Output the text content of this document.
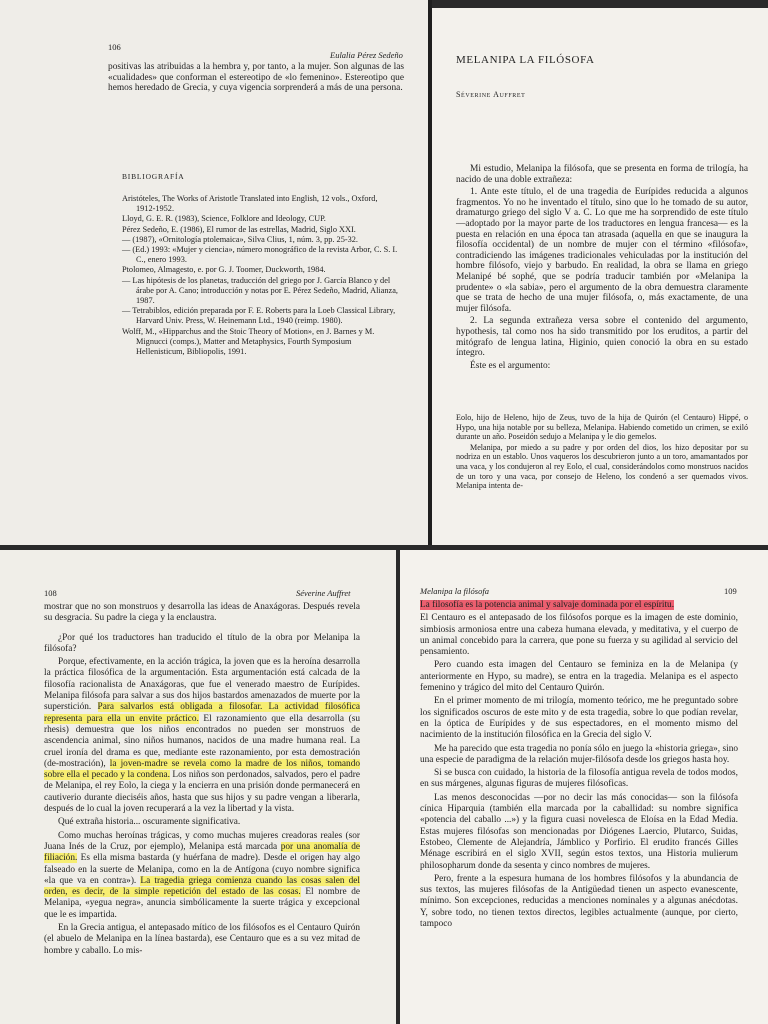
106
Eulalia Pérez Sedeño
positivas las atribuidas a la hembra y, por tanto, a la mujer. Son algunas de las «cualidades» que conforman el estereotipo de «lo femenino». Estereotipo que hemos heredado de Grecia, y cuya vigencia sorprenderá a más de una persona.
BIBLIOGRAFÍA
Aristóteles, The Works of Aristotle Translated into English, 12 vols., Oxford, 1912-1952.
Lloyd, G. E. R. (1983), Science, Folklore and Ideology, CUP.
Pérez Sedeño, E. (1986), El rumor de las estrellas, Madrid, Siglo XXI.
— (1987), «Ornitología ptolemaica», Silva Clius, 1, núm. 3, pp. 25-32.
— (Ed.) 1993: «Mujer y ciencia», número monográfico de la revista Arbor, C. S. I. C., enero 1993.
Ptolomeo, Almagesto, e. por G. J. Toomer, Duckworth, 1984.
— Las hipótesis de los planetas, traducción del griego por J. García Blanco y del árabe por A. Cano; introducción y notas por E. Pérez Sedeño, Madrid, Alianza, 1987.
— Tetrabiblos, edición preparada por F. E. Roberts para la Loeb Classical Library, Harvard Univ. Press, W. Heinemann Ltd., 1940 (reimp. 1980).
Wolff, M., «Hipparchus and the Stoic Theory of Motion», en J. Barnes y M. Mignucci (comps.), Matter and Metaphysics, Fourth Symposium Hellenisticum, Bibliopolis, 1991.
MELANIPA LA FILÓSOFA
Séverine Auffret

Mi estudio, Melanipa la filósofa, que se presenta en forma de trilogía, ha nacido de una doble extrañeza:

1. Ante este título, el de una tragedia de Eurípides reducida a algunos fragmentos. Yo no he inventado el título, sino que lo he tomado de su autor, dramaturgo griego del siglo V a. C. Lo que me ha sorprendido de este título —adoptado por la mayor parte de los traductores en lengua francesa— es la puesta en relación en una época tan atrasada (aquella en que se inaugura la filosofía occidental) de un nombre de mujer con el término «filósofa», contradiciendo las imágenes tradicionales vehiculadas por la institución del hombre filósofo, viejo y barbudo. En realidad, la obra se llama en griego Melanipé bé sophé, que se podría traducir también por «Melanipa la prudente» o «la sabia», pero el argumento de la obra demuestra claramente que se trata de hecho de una mujer filósofa, o, más exactamente, de una mujer filósofa.

2. La segunda extrañeza versa sobre el contenido del argumento, hypothesis, tal como nos ha sido transmitido por los eruditos, a partir del mitógrafo de lengua latina, Higinio, quien conoció la obra en su estado íntegro.

Éste es el argumento:

Eolo, hijo de Heleno, hijo de Zeus, tuvo de la hija de Quirón (el Centauro) Hippé, o Hypo, una hija notable por su belleza, Melanipa. Habiendo cometido un crimen, se exiló durante un año. Poseidón sedujo a Melanipa y le dio gemelos.

Melanipa, por miedo a su padre y por orden del dios, los hizo depositar por su nodriza en un establo. Unos vaqueros los descubrieron junto a un toro, amamantados por una vaca, y los condujeron al rey Eolo, el cual, considerándolos como monstruos nacidos de un toro y una vaca, por consejo de Heleno, los condenó a ser quemados vivos. Melanipa intenta de-

108	Séverine Auffret

mostrar que no son monstruos y desarrolla las ideas de Anaxágoras. Después revela su desgracia. Su padre la ciega y la enclaustra.

¿Por qué los traductores han traducido el título de la obra por Melanipa la filósofa?

Porque, efectivamente, en la acción trágica, la joven que es la heroína desarrolla la práctica filosófica de la argumentación. Esta argumentación está calcada de la filosofía racionalista de Anaxágoras, que fue el venerado maestro de Eurípides. Melanipa filósofa para salvar a sus dos hijos bastardos amenazados de muerte por la superstición. Para salvarlos está obligada a filosofar. La actividad filosófica representa para ella un envite práctico. El razonamiento que ella desarrolla (su rhesis) demuestra que los niños encontrados no pueden ser monstruos de ascendencia animal, sino niños humanos, nacidos de una madre humana real. La cruel ironía del drama es que, mediante este razonamiento, por esta demostración (de-mostración), la joven-madre se revela como la madre de los niños, tomando sobre ella el pecado y la condena. Los niños son perdonados, salvados, pero el padre de Melanipa, el rey Eolo, la ciega y la encierra en una prisión donde permanecerá en cautiverio durante dieciséis años, hasta que sus hijos y su padre vengan a liberarla, después de lo cual la joven recuperará a la vez la libertad y la vista.

Qué extraña historia... oscuramente significativa.

Como muchas heroínas trágicas, y como muchas mujeres creadoras reales (sor Juana Inés de la Cruz, por ejemplo), Melanipa está marcada por una anomalía de filiación. Es ella misma bastarda (y huérfana de madre). Desde el origen hay algo falseado en la suerte de Melanipa, como en la de Antígona (cuyo nombre significa «la que va en contra»). La tragedia griega comienza cuando las cosas salen del orden, es decir, de la simple repetición del estado de las cosas. El nombre de Melanipa, «yegua negra», anuncia simbólicamente la suerte trágica y excepcional que le es impartida.

En la Grecia antigua, el antepasado mítico de los filósofos es el Centauro Quirón (el abuelo de Melanipa en la línea bastarda), ese Centauro que es a su vez mitad de hombre y caballo. Lo mis-

Melanipa la filósofa	109

La filosofía es la potencia animal y salvaje dominada por el espíritu.

El Centauro es el antepasado de los filósofos porque es la imagen de este dominio, simbiosis armoniosa entre una cabeza humana elevada, y meditativa, y el cuerpo de un animal concebido para la carrera, que pone su fuerza y su agilidad al servicio del pensamiento.

Pero cuando esta imagen del Centauro se feminiza en la de Melanipa (y anteriormente en Hypo, su madre), se entra en la tragedia. Melanipa es el aspecto femenino y trágico del mito del Centauro Quirón.

En el primer momento de mi trilogía, momento teórico, me he preguntado sobre los significados oscuros de este mito y de esta tragedia, sobre lo que podían revelar, en la óptica de Eurípides y de sus espectadores, en el momento mismo del nacimiento de la institución filosófica en la Grecia del siglo V.

Me ha parecido que esta tragedia no ponía sólo en juego la «historia griega», sino una especie de paradigma de la relación mujer-filósofa desde los griegos hasta hoy.

Si se busca con cuidado, la historia de la filosofía antigua revela de todos modos, en sus márgenes, algunas figuras de mujeres filósoficas.

Las menos desconocidas —por no decir las más conocidas— son la filósofa cínica Hiparquia (también ella marcada por la caballidad: su nombre significa «potencia del caballo ...») y la figura cuasi novelesca de Eloísa en la Edad Media. Estas mujeres filósofas son mencionadas por Diógenes Laercio, Plutarco, Suidas, Estobeo, Clemente de Alejandría, Jámblico y Porfirio. El erudito francés Gilles Ménage escribirá en el siglo XVII, según estos textos, una Historia mulierum philosopharum donde da sesenta y cinco nombres de mujeres.

Pero, frente a la espesura humana de los hombres filósofos y la abundancia de sus textos, las mujeres filósofas de la Antigüedad tienen un aspecto evanescente, mínimo. Son excepciones, reducidas a menciones nominales y a algunas anécdotas. Y, sobre todo, no tienen textos directos, legibles actualmente (aunque, por cierto, tampoco
